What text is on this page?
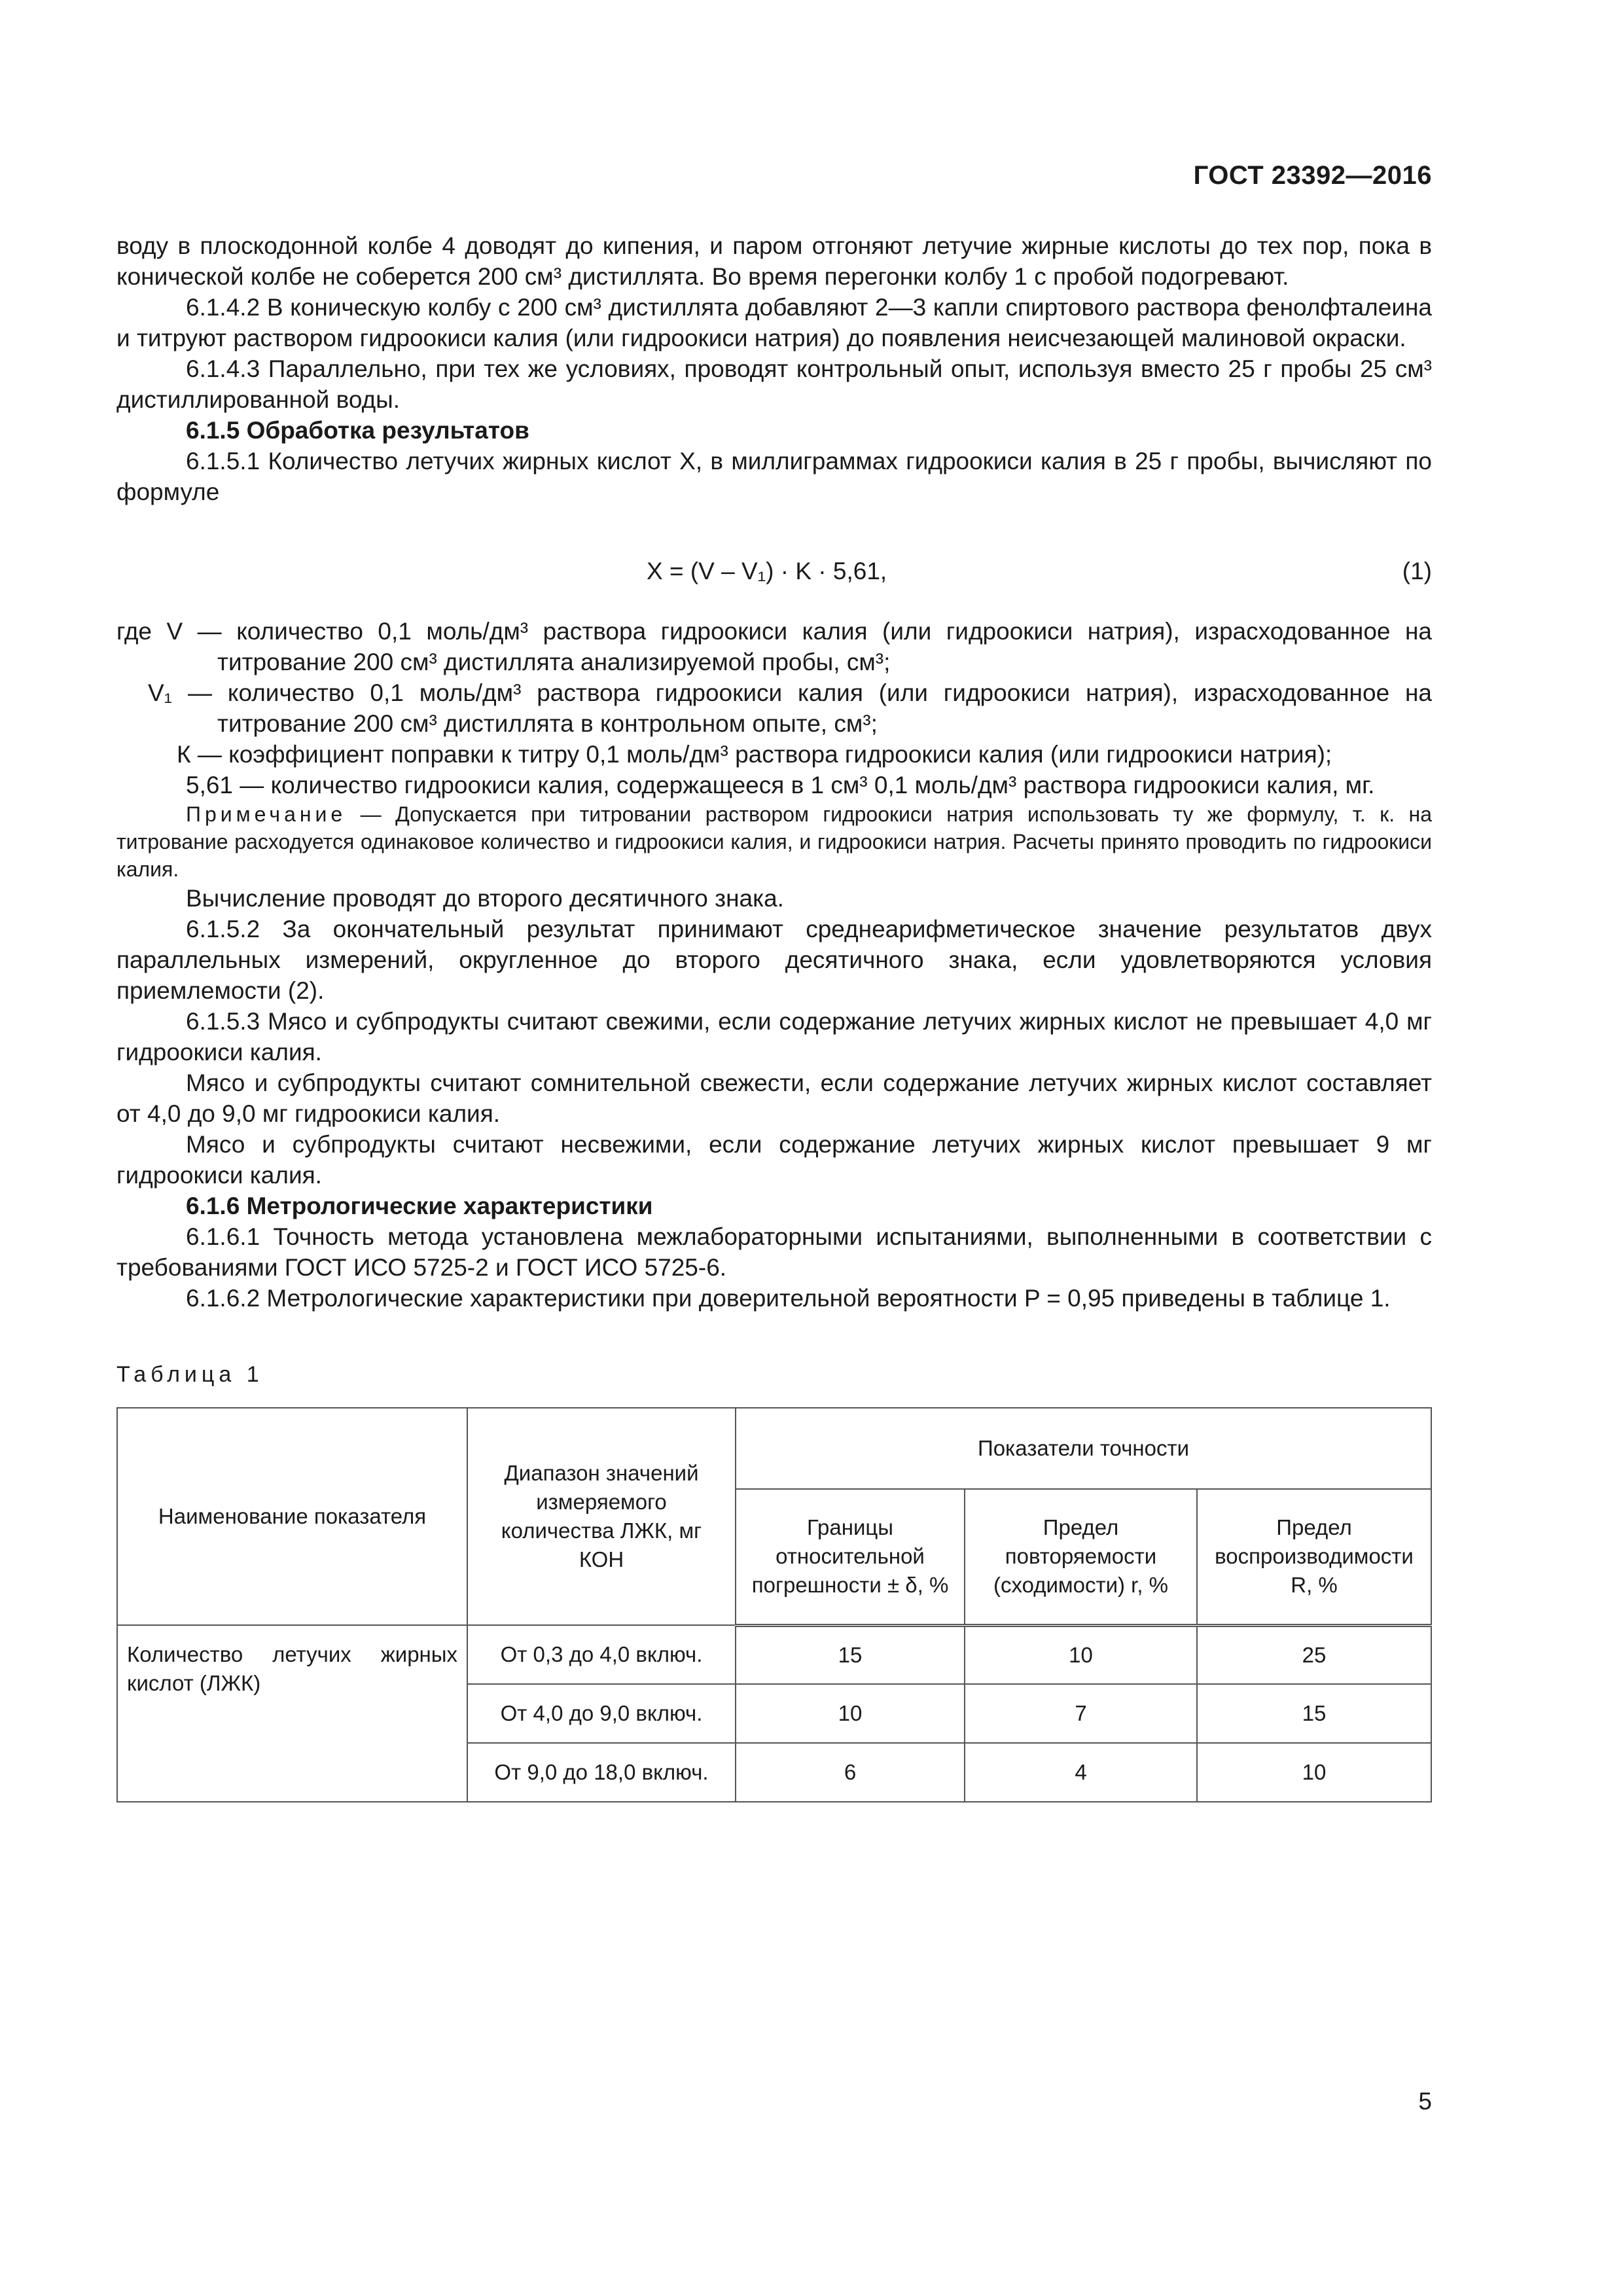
ГОСТ 23392—2016

воду в плоскодонной колбе 4 доводят до кипения, и паром отгоняют летучие жирные кислоты до тех пор, пока в конической колбе не соберется 200 см³ дистиллята. Во время перегонки колбу 1 с пробой подогревают.

6.1.4.2 В коническую колбу с 200 см³ дистиллята добавляют 2—3 капли спиртового раствора фенолфталеина и титруют раствором гидроокиси калия (или гидроокиси натрия) до появления неисчезающей малиновой окраски.

6.1.4.3 Параллельно, при тех же условиях, проводят контрольный опыт, используя вместо 25 г пробы 25 см³ дистиллированной воды.

6.1.5 Обработка результатов

6.1.5.1 Количество летучих жирных кислот X, в миллиграммах гидроокиси калия в 25 г пробы, вычисляют по формуле

X = (V – V₁) · K · 5,61,	(1)

где V — количество 0,1 моль/дм³ раствора гидроокиси калия (или гидроокиси натрия), израсходованное на титрование 200 см³ дистиллята анализируемой пробы, см³;

V₁ — количество 0,1 моль/дм³ раствора гидроокиси калия (или гидроокиси натрия), израсходованное на титрование 200 см³ дистиллята в контрольном опыте, см³;

К — коэффициент поправки к титру 0,1 моль/дм³ раствора гидроокиси калия (или гидроокиси натрия);

5,61 — количество гидроокиси калия, содержащееся в 1 см³ 0,1 моль/дм³ раствора гидроокиси калия, мг.

Примечание — Допускается при титровании раствором гидроокиси натрия использовать ту же формулу, т. к. на титрование расходуется одинаковое количество и гидроокиси калия, и гидроокиси натрия. Расчеты принято проводить по гидроокиси калия.

Вычисление проводят до второго десятичного знака.

6.1.5.2 За окончательный результат принимают среднеарифметическое значение результатов двух параллельных измерений, округленное до второго десятичного знака, если удовлетворяются условия приемлемости (2).

6.1.5.3 Мясо и субпродукты считают свежими, если содержание летучих жирных кислот не превышает 4,0 мг гидроокиси калия.

Мясо и субпродукты считают сомнительной свежести, если содержание летучих жирных кислот составляет от 4,0 до 9,0 мг гидроокиси калия.

Мясо и субпродукты считают несвежими, если содержание летучих жирных кислот превышает 9 мг гидроокиси калия.

6.1.6 Метрологические характеристики

6.1.6.1 Точность метода установлена межлабораторными испытаниями, выполненными в соответствии с требованиями ГОСТ ИСО 5725-2 и ГОСТ ИСО 5725-6.

6.1.6.2 Метрологические характеристики при доверительной вероятности P = 0,95 приведены в таблице 1.

Таблица 1
Наименование показателя	Диапазон значений измеряемого количества ЛЖК, мг КОН	Показатели точности		
		Границы относительной погрешности ± δ, %	Предел повторяемости (сходимости) r, %	Предел воспроизводимости R, %
Количество летучих жирных кислот (ЛЖК)	От 0,3 до 4,0 включ.	15	10	25
	От 4,0 до 9,0 включ.	10	7	15
	От 9,0 до 18,0 включ.	6	4	10
5
